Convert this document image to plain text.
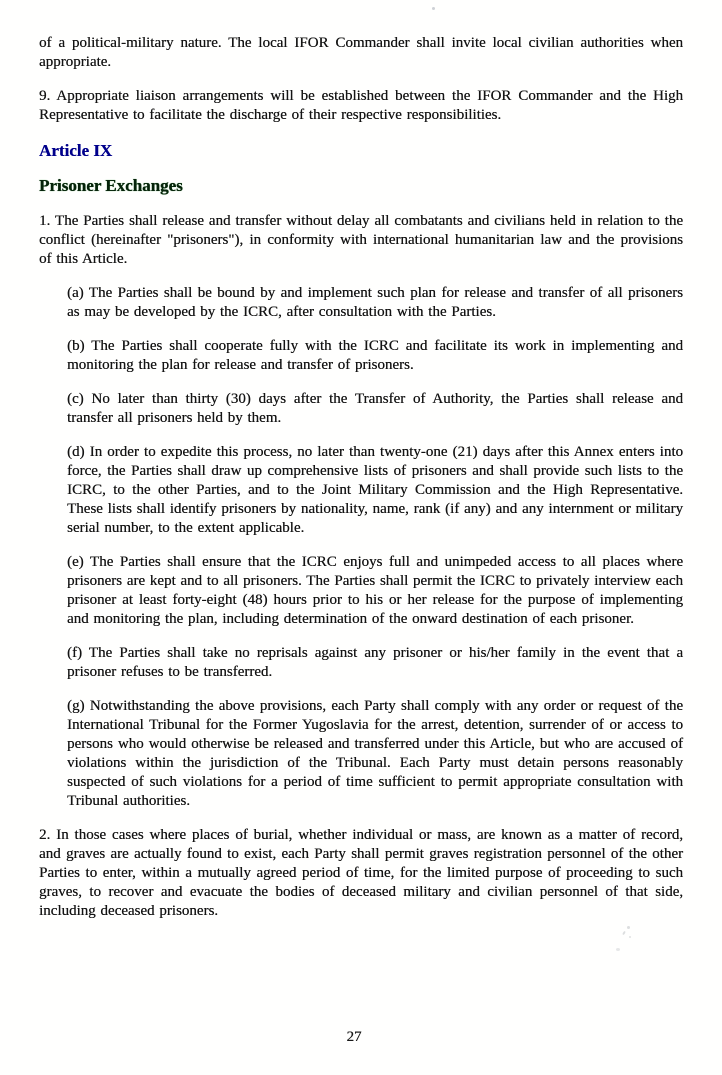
of a political-military nature. The local IFOR Commander shall invite local civilian authorities when appropriate.

9. Appropriate liaison arrangements will be established between the IFOR Commander and the High Representative to facilitate the discharge of their respective responsibilities.

Article IX
Prisoner Exchanges

1. The Parties shall release and transfer without delay all combatants and civilians held in relation to the conflict (hereinafter "prisoners"), in conformity with international humanitarian law and the provisions of this Article.

(a) The Parties shall be bound by and implement such plan for release and transfer of all prisoners as may be developed by the ICRC, after consultation with the Parties.

(b) The Parties shall cooperate fully with the ICRC and facilitate its work in implementing and monitoring the plan for release and transfer of prisoners.

(c) No later than thirty (30) days after the Transfer of Authority, the Parties shall release and transfer all prisoners held by them.

(d) In order to expedite this process, no later than twenty-one (21) days after this Annex enters into force, the Parties shall draw up comprehensive lists of prisoners and shall provide such lists to the ICRC, to the other Parties, and to the Joint Military Commission and the High Representative. These lists shall identify prisoners by nationality, name, rank (if any) and any internment or military serial number, to the extent applicable.

(e) The Parties shall ensure that the ICRC enjoys full and unimpeded access to all places where prisoners are kept and to all prisoners. The Parties shall permit the ICRC to privately interview each prisoner at least forty-eight (48) hours prior to his or her release for the purpose of implementing and monitoring the plan, including determination of the onward destination of each prisoner.

(f) The Parties shall take no reprisals against any prisoner or his/her family in the event that a prisoner refuses to be transferred.

(g) Notwithstanding the above provisions, each Party shall comply with any order or request of the International Tribunal for the Former Yugoslavia for the arrest, detention, surrender of or access to persons who would otherwise be released and transferred under this Article, but who are accused of violations within the jurisdiction of the Tribunal. Each Party must detain persons reasonably suspected of such violations for a period of time sufficient to permit appropriate consultation with Tribunal authorities.

2. In those cases where places of burial, whether individual or mass, are known as a matter of record, and graves are actually found to exist, each Party shall permit graves registration personnel of the other Parties to enter, within a mutually agreed period of time, for the limited purpose of proceeding to such graves, to recover and evacuate the bodies of deceased military and civilian personnel of that side, including deceased prisoners.

27
